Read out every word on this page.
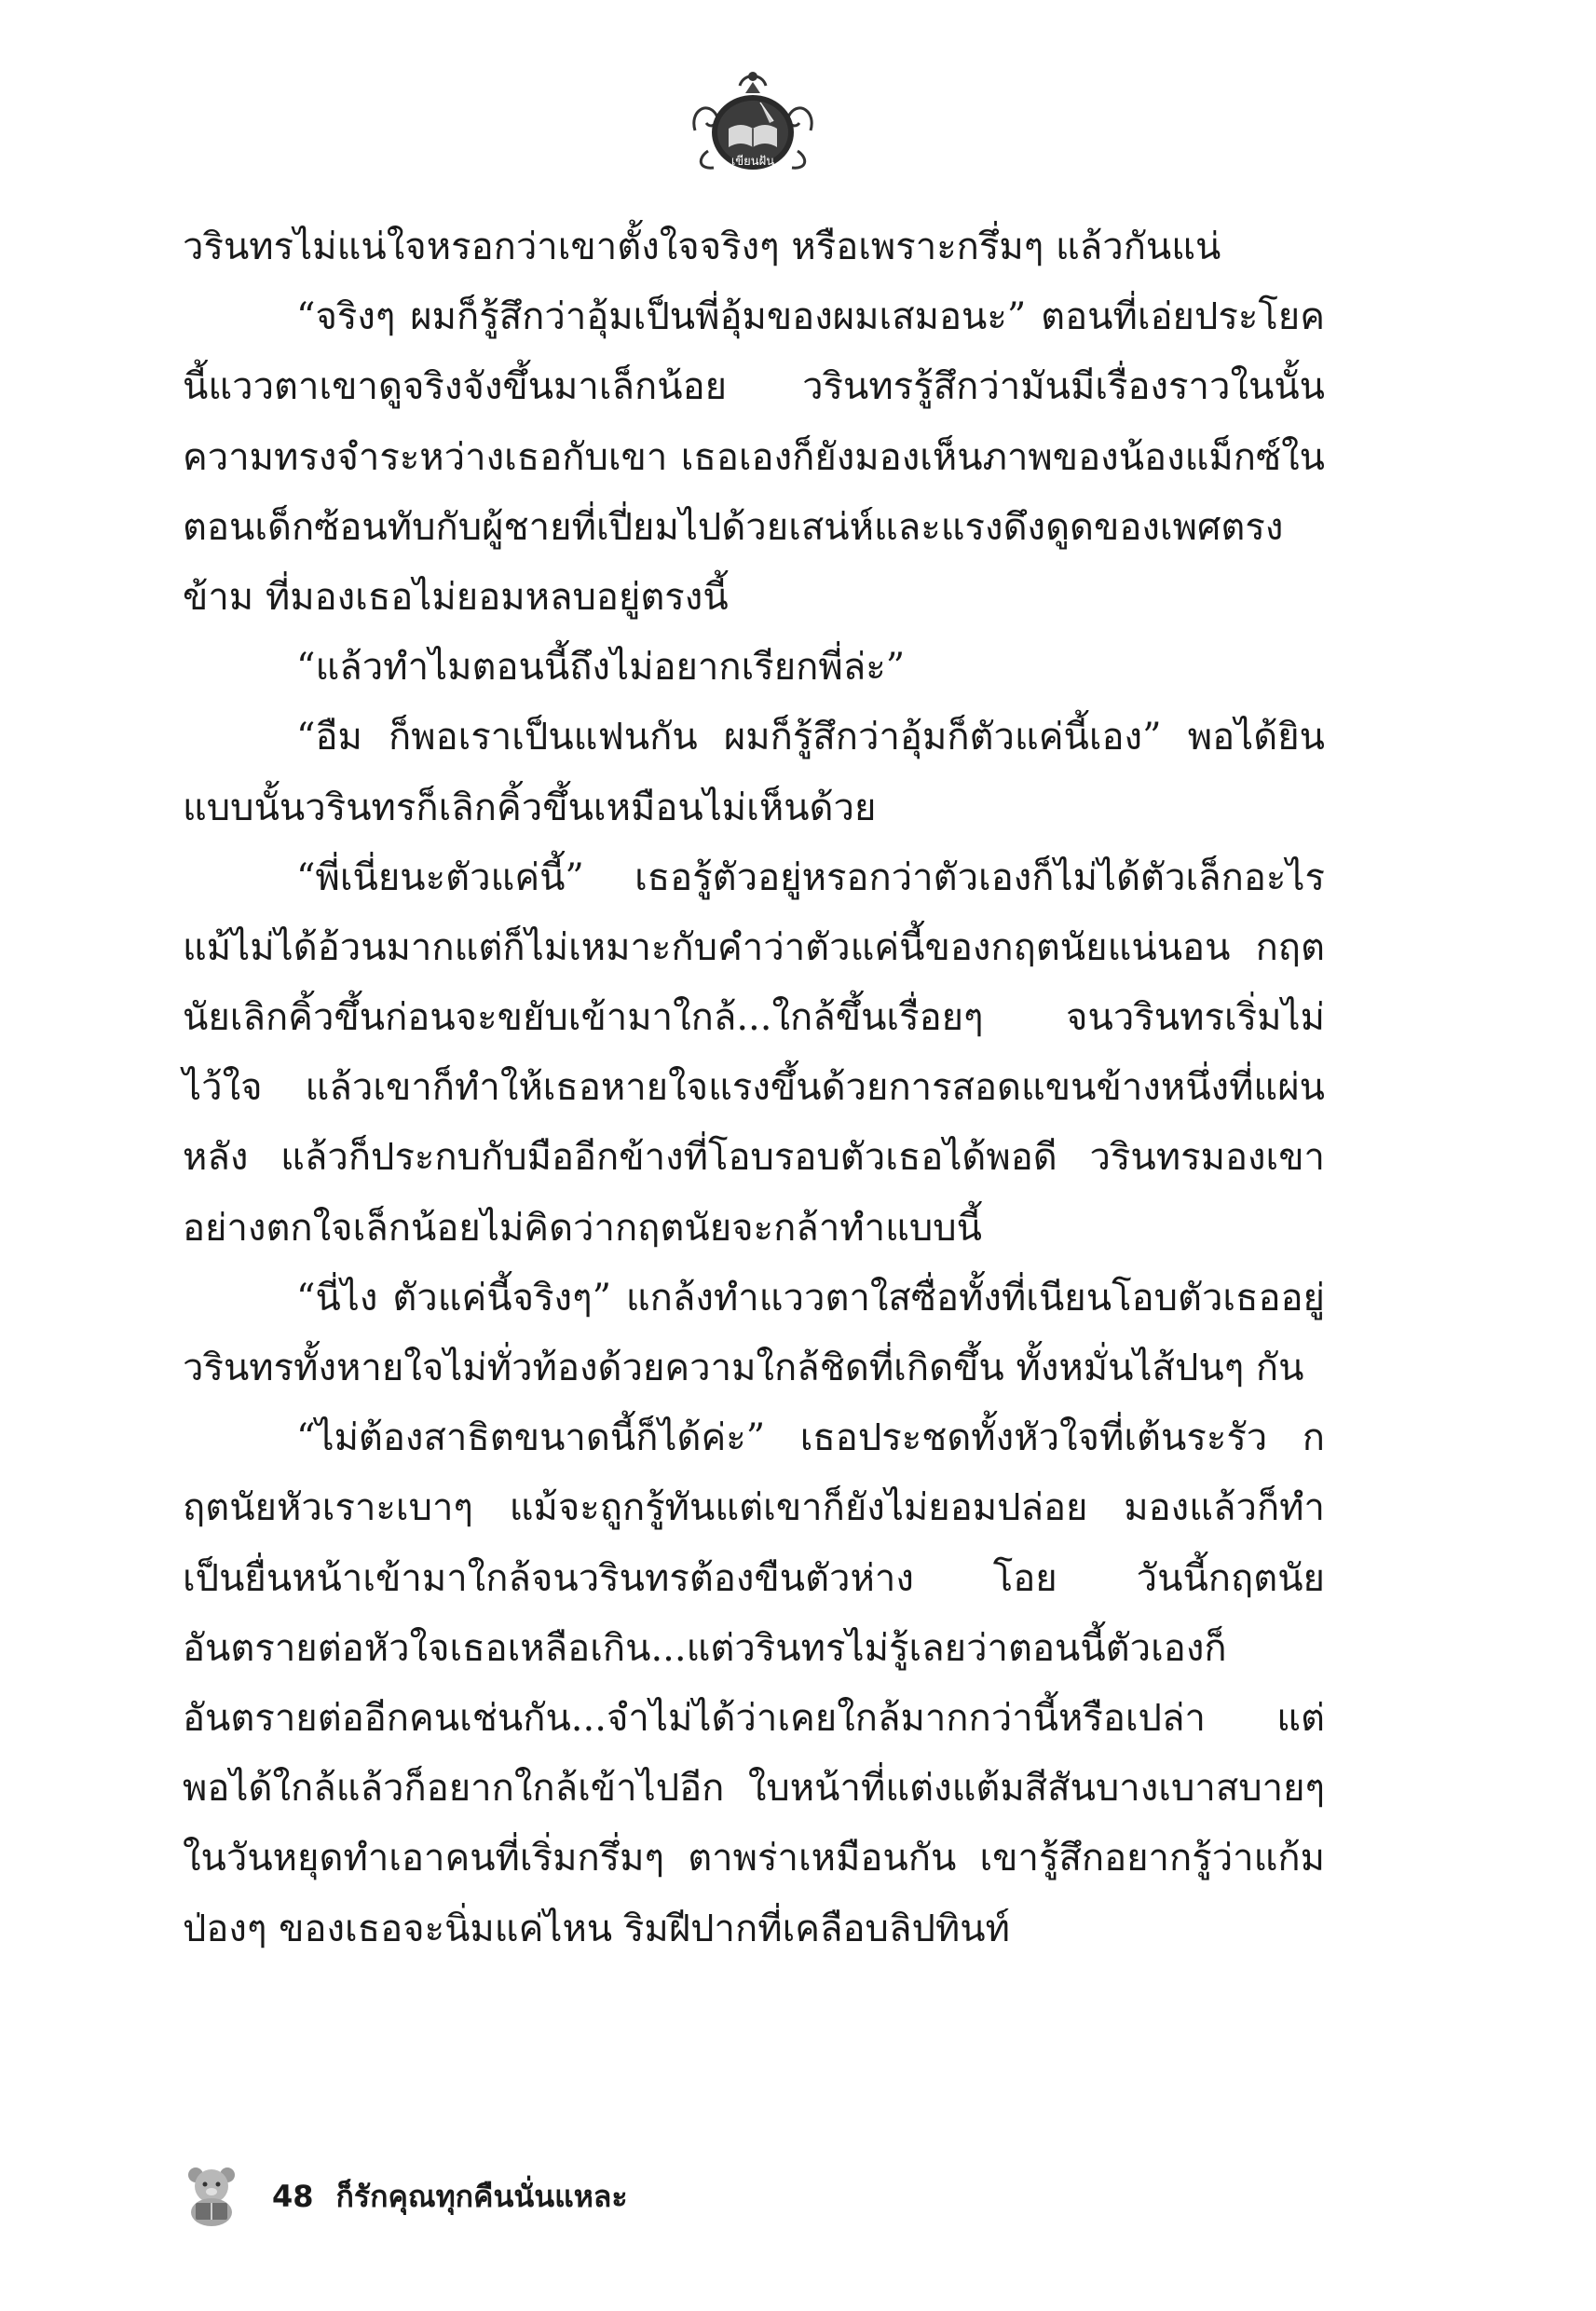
เขียนฝัน

วรินทรไม่แน่ใจหรอกว่าเขาตั้งใจจริงๆ หรือเพราะกรึ่มๆ แล้วกันแน่

“จริงๆ ผมก็รู้สึกว่าอุ้มเป็นพี่อุ้มของผมเสมอนะ” ตอนที่เอ่ยประโยคนี้แววตาเขาดูจริงจังขึ้นมาเล็กน้อย วรินทรรู้สึกว่ามันมีเรื่องราวในนั้น ความทรงจำระหว่างเธอกับเขา เธอเองก็ยังมองเห็นภาพของน้องแม็กซ์ในตอนเด็กซ้อนทับกับผู้ชายที่เปี่ยมไปด้วยเสน่ห์และแรงดึงดูดของเพศตรงข้าม ที่มองเธอไม่ยอมหลบอยู่ตรงนี้

“แล้วทำไมตอนนี้ถึงไม่อยากเรียกพี่ล่ะ”

“อืม ก็พอเราเป็นแฟนกัน ผมก็รู้สึกว่าอุ้มก็ตัวแค่นี้เอง” พอได้ยินแบบนั้นวรินทรก็เลิกคิ้วขึ้นเหมือนไม่เห็นด้วย

“พี่เนี่ยนะตัวแค่นี้” เธอรู้ตัวอยู่หรอกว่าตัวเองก็ไม่ได้ตัวเล็กอะไรแม้ไม่ได้อ้วนมากแต่ก็ไม่เหมาะกับคำว่าตัวแค่นี้ของกฤตนัยแน่นอน กฤตนัยเลิกคิ้วขึ้นก่อนจะขยับเข้ามาใกล้...ใกล้ขึ้นเรื่อยๆ จนวรินทรเริ่มไม่ไว้ใจ แล้วเขาก็ทำให้เธอหายใจแรงขึ้นด้วยการสอดแขนข้างหนึ่งที่แผ่นหลัง แล้วก็ประกบกับมืออีกข้างที่โอบรอบตัวเธอได้พอดี วรินทรมองเขาอย่างตกใจเล็กน้อยไม่คิดว่ากฤตนัยจะกล้าทำแบบนี้

“นี่ไง ตัวแค่นี้จริงๆ” แกล้งทำแววตาใสซื่อทั้งที่เนียนโอบตัวเธออยู่ วรินทรทั้งหายใจไม่ทั่วท้องด้วยความใกล้ชิดที่เกิดขึ้น ทั้งหมั่นไส้ปนๆ กัน

“ไม่ต้องสาธิตขนาดนี้ก็ได้ค่ะ” เธอประชดทั้งหัวใจที่เต้นระรัว กฤตนัยหัวเราะเบาๆ แม้จะถูกรู้ทันแต่เขาก็ยังไม่ยอมปล่อย มองแล้วก็ทำเป็นยื่นหน้าเข้ามาใกล้จนวรินทรต้องขืนตัวห่าง โอย วันนี้กฤตนัยอันตรายต่อหัวใจเธอเหลือเกิน...แต่วรินทรไม่รู้เลยว่าตอนนี้ตัวเองก็อันตรายต่ออีกคนเช่นกัน...จำไม่ได้ว่าเคยใกล้มากกว่านี้หรือเปล่า แต่พอได้ใกล้แล้วก็อยากใกล้เข้าไปอีก ใบหน้าที่แต่งแต้มสีสันบางเบาสบายๆ ในวันหยุดทำเอาคนที่เริ่มกรึ่มๆ ตาพร่าเหมือนกัน เขารู้สึกอยากรู้ว่าแก้มป่องๆ ของเธอจะนิ่มแค่ไหน ริมฝีปากที่เคลือบลิปทินท์

48 ก็รักคุณทุกคืนนั่นแหละ
